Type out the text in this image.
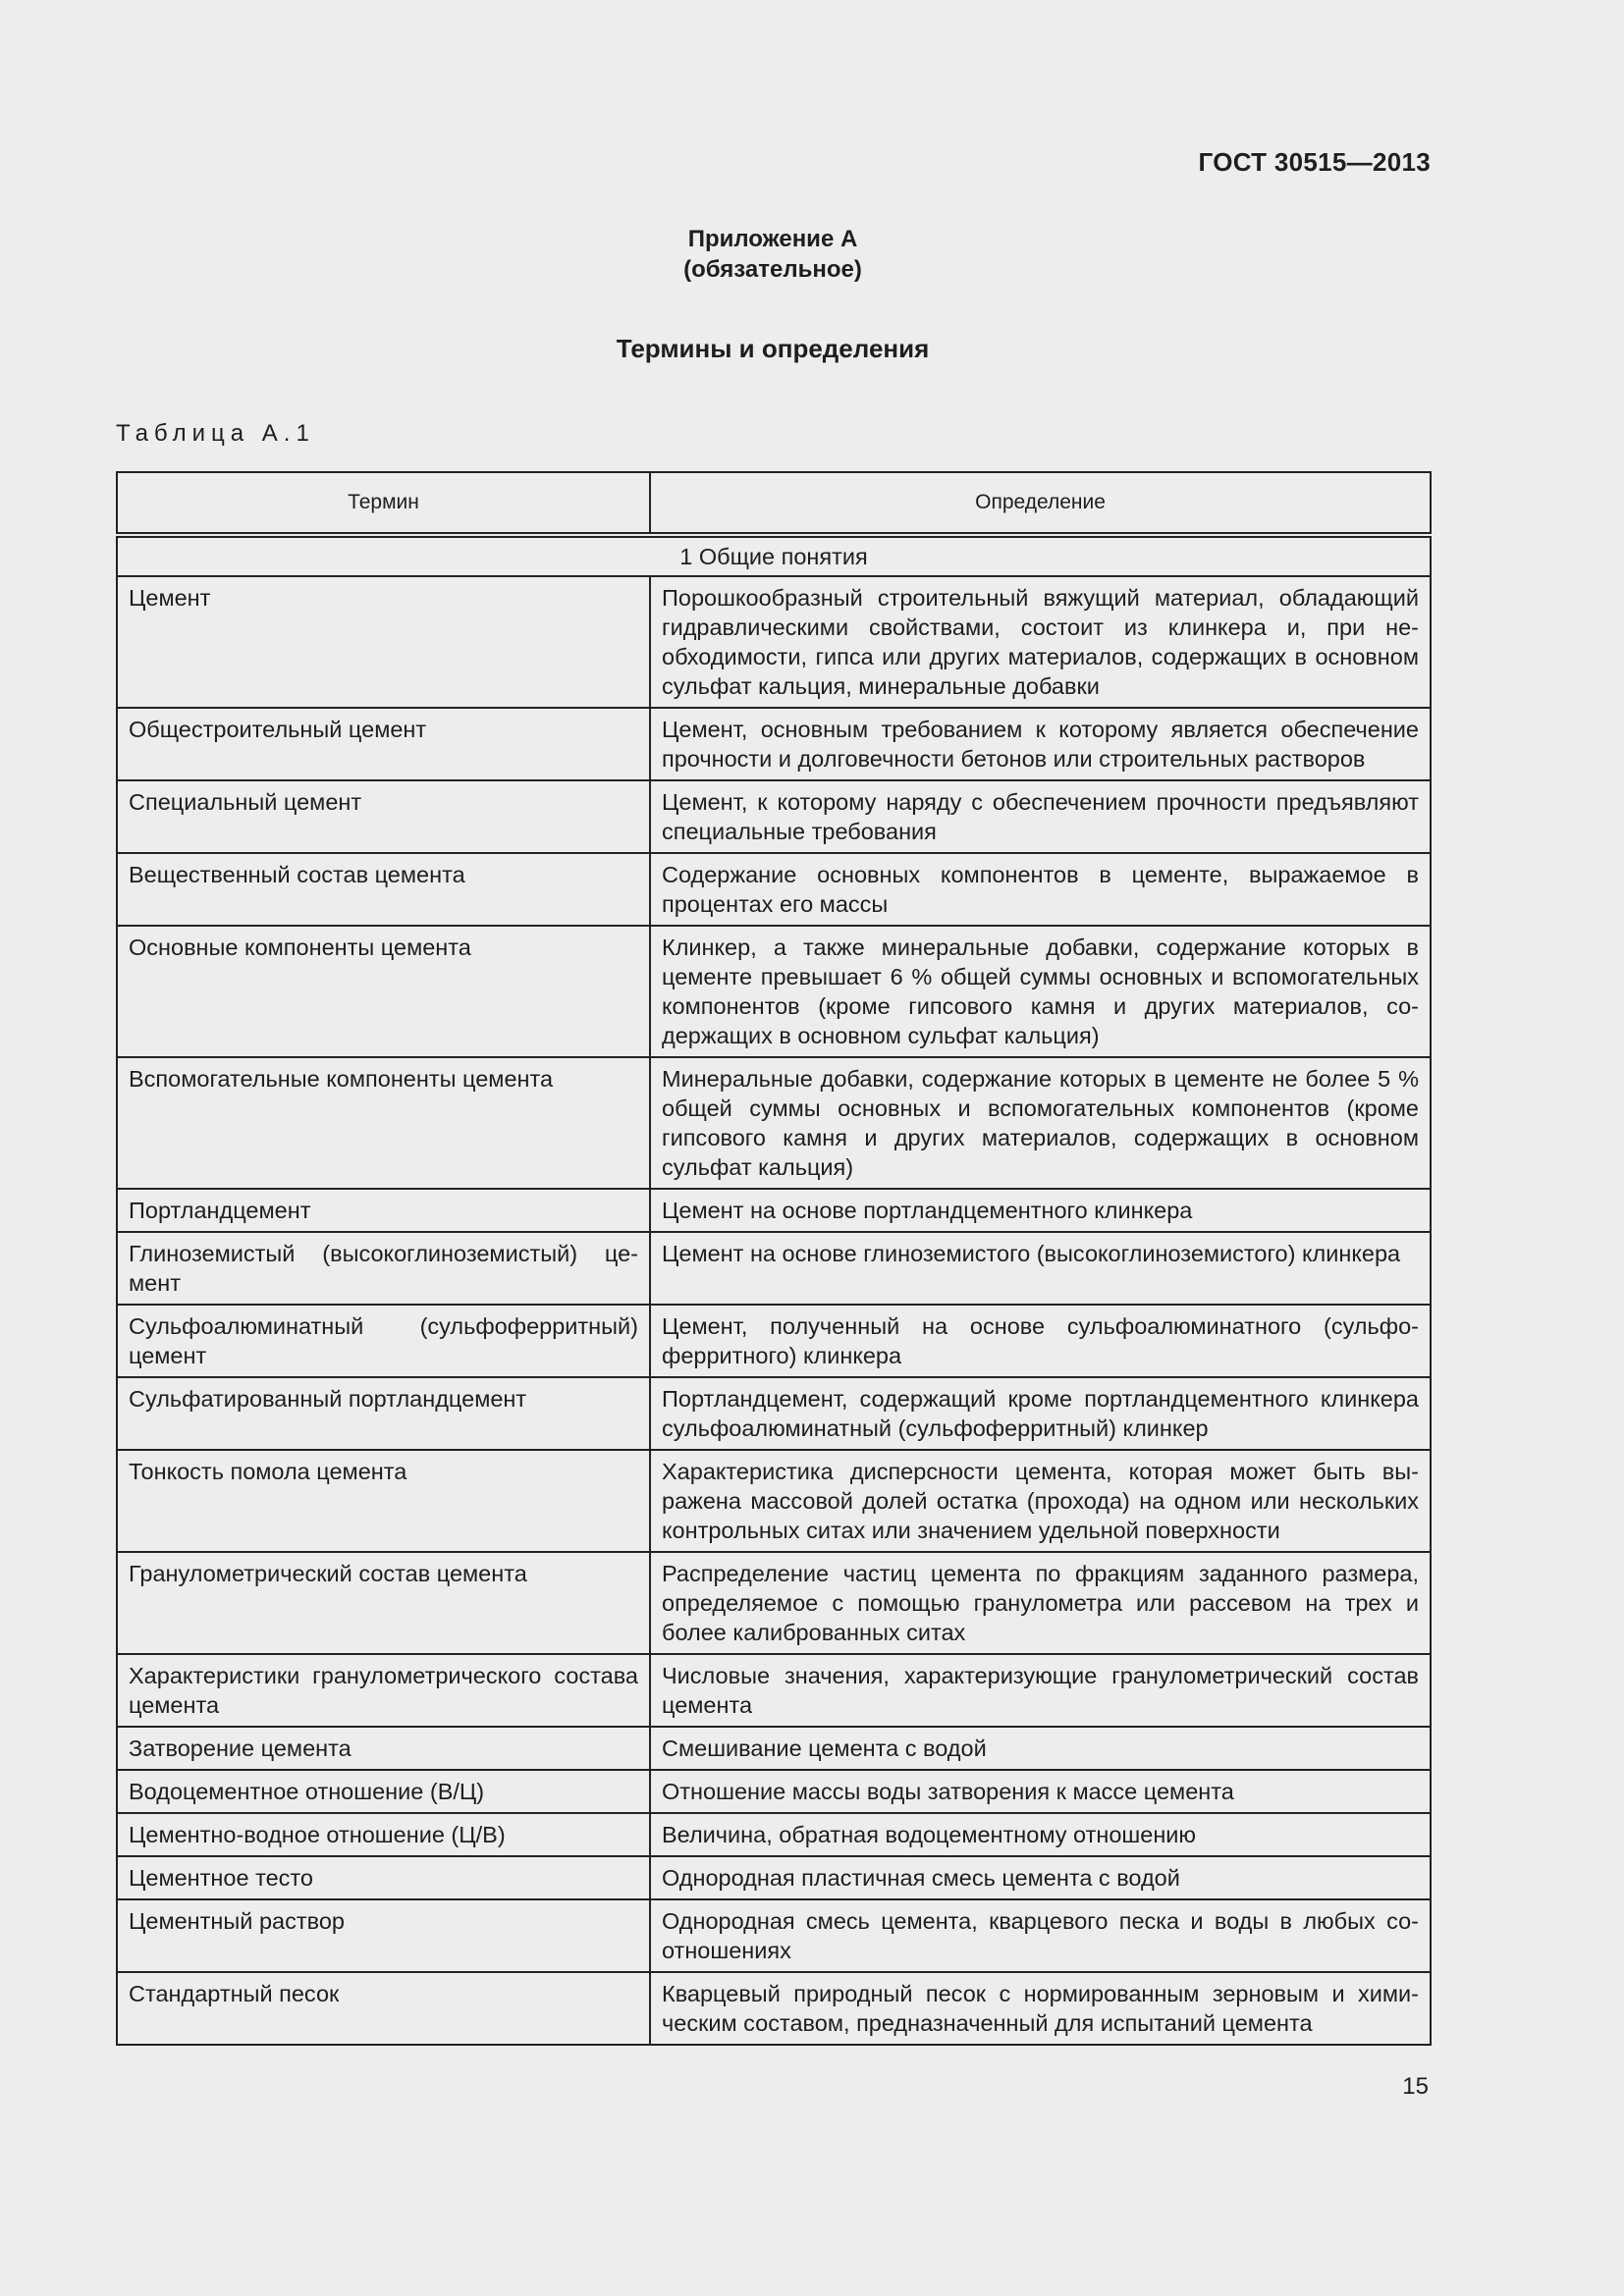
ГОСТ 30515—2013
Приложение А
(обязательное)
Термины и определения
Таблица А.1
Термин	Определение
1 Общие понятия	
Цемент	Порошкообразный строительный вяжущий материал, обладающий гидравлическими свойствами, состоит из клинкера и, при необходимости, гипса или других материалов, содержащих в основном сульфат кальция, минеральные добавки
Общестроительный цемент	Цемент, основным требованием к которому является обеспечение прочности и долговечности бетонов или строительных растворов
Специальный цемент	Цемент, к которому наряду с обеспечением прочности предъявляют специальные требования
Вещественный состав цемента	Содержание основных компонентов в цементе, выражаемое в процентах его массы
Основные компоненты цемента	Клинкер, а также минеральные добавки, содержание которых в цементе превышает 6 % общей суммы основных и вспомогательных компонентов (кроме гипсового камня и других материалов, содержащих в основном сульфат кальция)
Вспомогательные компоненты цемента	Минеральные добавки, содержание которых в цементе не более 5 % общей суммы основных и вспомогательных компонентов (кроме гипсового камня и других материалов, содержащих в основном сульфат кальция)
Портландцемент	Цемент на основе портландцементного клинкера
Глиноземистый (высокоглиноземистый) цемент	Цемент на основе глиноземистого (высокоглиноземистого) клинкера
Сульфоалюминатный (сульфоферритный) цемент	Цемент, полученный на основе сульфоалюминатного (сульфоферритного) клинкера
Сульфатированный портландцемент	Портландцемент, содержащий кроме портландцементного клинкера сульфоалюминатный (сульфоферритный) клинкер
Тонкость помола цемента	Характеристика дисперсности цемента, которая может быть выражена массовой долей остатка (прохода) на одном или нескольких контрольных ситах или значением удельной поверхности
Гранулометрический состав цемента	Распределение частиц цемента по фракциям заданного размера, определяемое с помощью гранулометра или рассевом на трех и более калиброванных ситах
Характеристики гранулометрического состава цемента	Числовые значения, характеризующие гранулометрический состав цемента
Затворение цемента	Смешивание цемента с водой
Водоцементное отношение (В/Ц)	Отношение массы воды затворения к массе цемента
Цементно-водное отношение (Ц/В)	Величина, обратная водоцементному отношению
Цементное тесто	Однородная пластичная смесь цемента с водой
Цементный раствор	Однородная смесь цемента, кварцевого песка и воды в любых соотношениях
Стандартный песок	Кварцевый природный песок с нормированным зерновым и химическим составом, предназначенный для испытаний цемента
15
